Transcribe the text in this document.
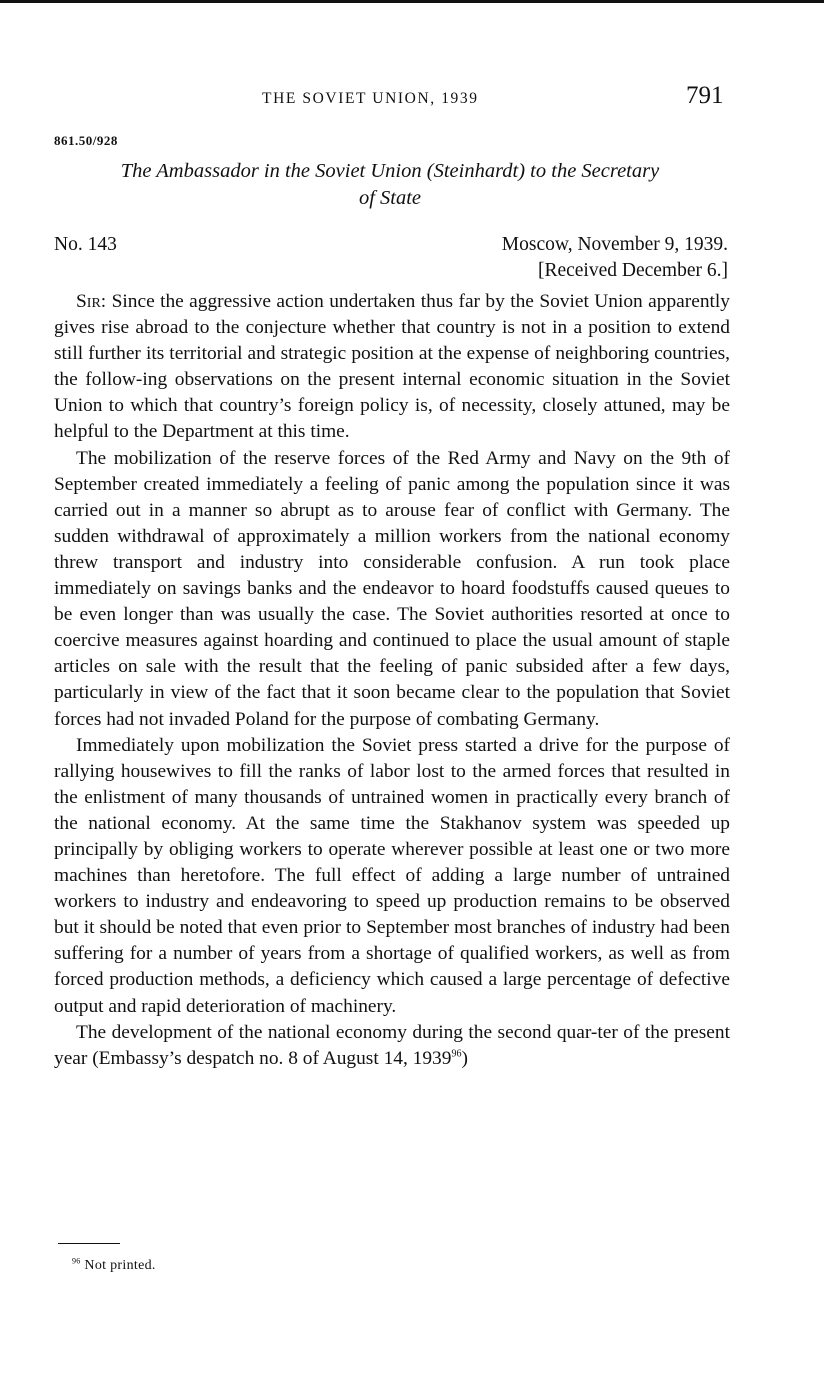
THE SOVIET UNION, 1939	791
861.50/928
The Ambassador in the Soviet Union (Steinhardt) to the Secretary
of State
No. 143	Moscow, November 9, 1939.
[Received December 6.]

Sir: Since the aggressive action undertaken thus far by the Soviet Union apparently gives rise abroad to the conjecture whether that country is not in a position to extend still further its territorial and strategic position at the expense of neighboring countries, the follow-ing observations on the present internal economic situation in the Soviet Union to which that country’s foreign policy is, of necessity, closely attuned, may be helpful to the Department at this time.

The mobilization of the reserve forces of the Red Army and Navy on the 9th of September created immediately a feeling of panic among the population since it was carried out in a manner so abrupt as to arouse fear of conflict with Germany. The sudden withdrawal of approximately a million workers from the national economy threw transport and industry into considerable confusion. A run took place immediately on savings banks and the endeavor to hoard foodstuffs caused queues to be even longer than was usually the case. The Soviet authorities resorted at once to coercive measures against hoarding and continued to place the usual amount of staple articles on sale with the result that the feeling of panic subsided after a few days, particularly in view of the fact that it soon became clear to the population that Soviet forces had not invaded Poland for the purpose of combating Germany.

Immediately upon mobilization the Soviet press started a drive for the purpose of rallying housewives to fill the ranks of labor lost to the armed forces that resulted in the enlistment of many thousands of untrained women in practically every branch of the national economy. At the same time the Stakhanov system was speeded up principally by obliging workers to operate wherever possible at least one or two more machines than heretofore. The full effect of adding a large number of untrained workers to industry and endeavoring to speed up production remains to be observed but it should be noted that even prior to September most branches of industry had been suffering for a number of years from a shortage of qualified workers, as well as from forced production methods, a deficiency which caused a large percentage of defective output and rapid deterioration of machinery.

The development of the national economy during the second quar-ter of the present year (Embassy’s despatch no. 8 of August 14, 1939$^{96}$)

$^{96}$ Not printed.
